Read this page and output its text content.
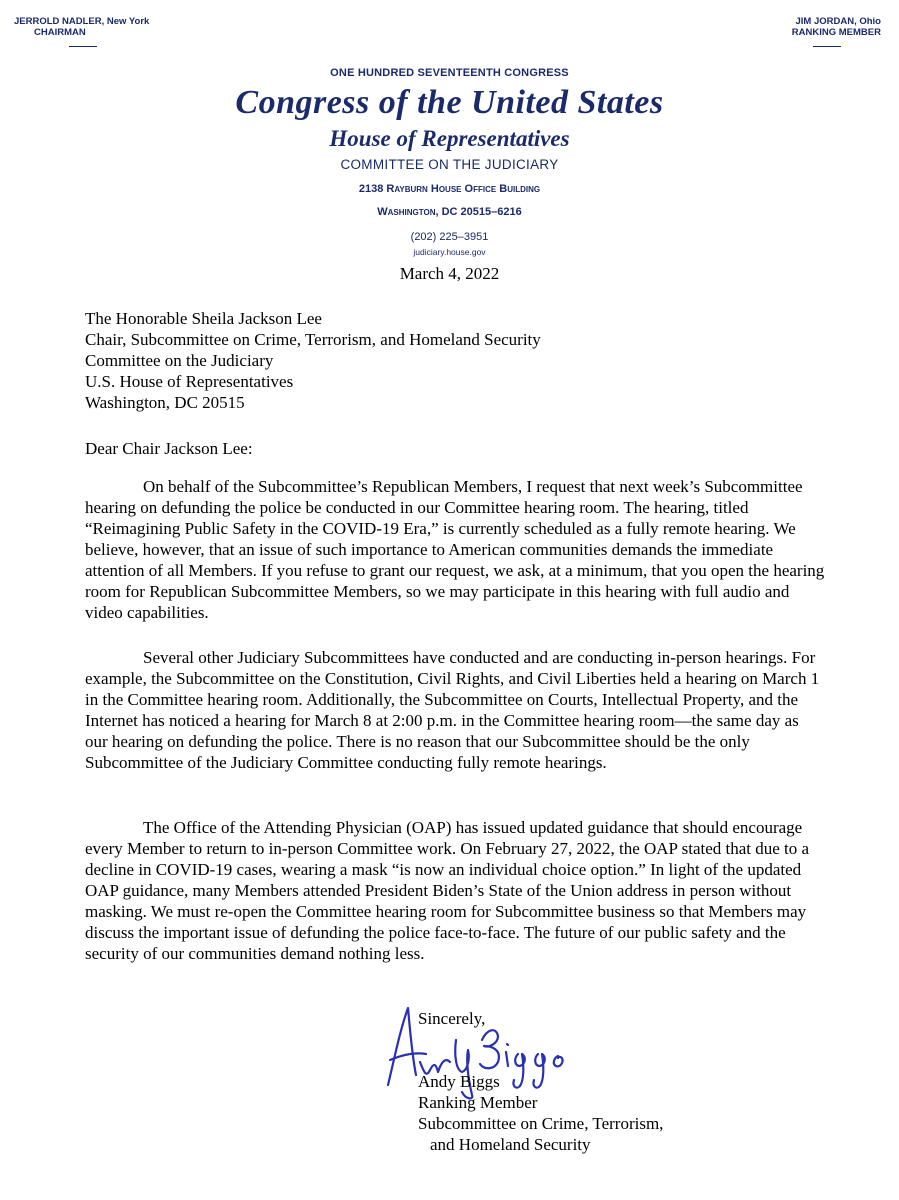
JERROLD NADLER, New York
CHAIRMAN
JIM JORDAN, Ohio
RANKING MEMBER
ONE HUNDRED SEVENTEENTH CONGRESS
Congress of the United States
House of Representatives
COMMITTEE ON THE JUDICIARY
2138 Rayburn House Office Building
Washington, DC 20515–6216
(202) 225–3951
judiciary.house.gov
March 4, 2022
The Honorable Sheila Jackson Lee
Chair, Subcommittee on Crime, Terrorism, and Homeland Security
Committee on the Judiciary
U.S. House of Representatives
Washington, DC 20515
Dear Chair Jackson Lee:

On behalf of the Subcommittee’s Republican Members, I request that next week’s Subcommittee hearing on defunding the police be conducted in our Committee hearing room. The hearing, titled “Reimagining Public Safety in the COVID-19 Era,” is currently scheduled as a fully remote hearing. We believe, however, that an issue of such importance to American communities demands the immediate attention of all Members. If you refuse to grant our request, we ask, at a minimum, that you open the hearing room for Republican Subcommittee Members, so we may participate in this hearing with full audio and video capabilities.

Several other Judiciary Subcommittees have conducted and are conducting in-person hearings. For example, the Subcommittee on the Constitution, Civil Rights, and Civil Liberties held a hearing on March 1 in the Committee hearing room. Additionally, the Subcommittee on Courts, Intellectual Property, and the Internet has noticed a hearing for March 8 at 2:00 p.m. in the Committee hearing room—the same day as our hearing on defunding the police. There is no reason that our Subcommittee should be the only Subcommittee of the Judiciary Committee conducting fully remote hearings.

The Office of the Attending Physician (OAP) has issued updated guidance that should encourage every Member to return to in-person Committee work. On February 27, 2022, the OAP stated that due to a decline in COVID-19 cases, wearing a mask “is now an individual choice option.” In light of the updated OAP guidance, many Members attended President Biden’s State of the Union address in person without masking. We must re-open the Committee hearing room for Subcommittee business so that Members may discuss the important issue of defunding the police face-to-face. The future of our public safety and the security of our communities demand nothing less.

Sincerely,
Andy Biggs
Ranking Member
Subcommittee on Crime, Terrorism,
and Homeland Security
